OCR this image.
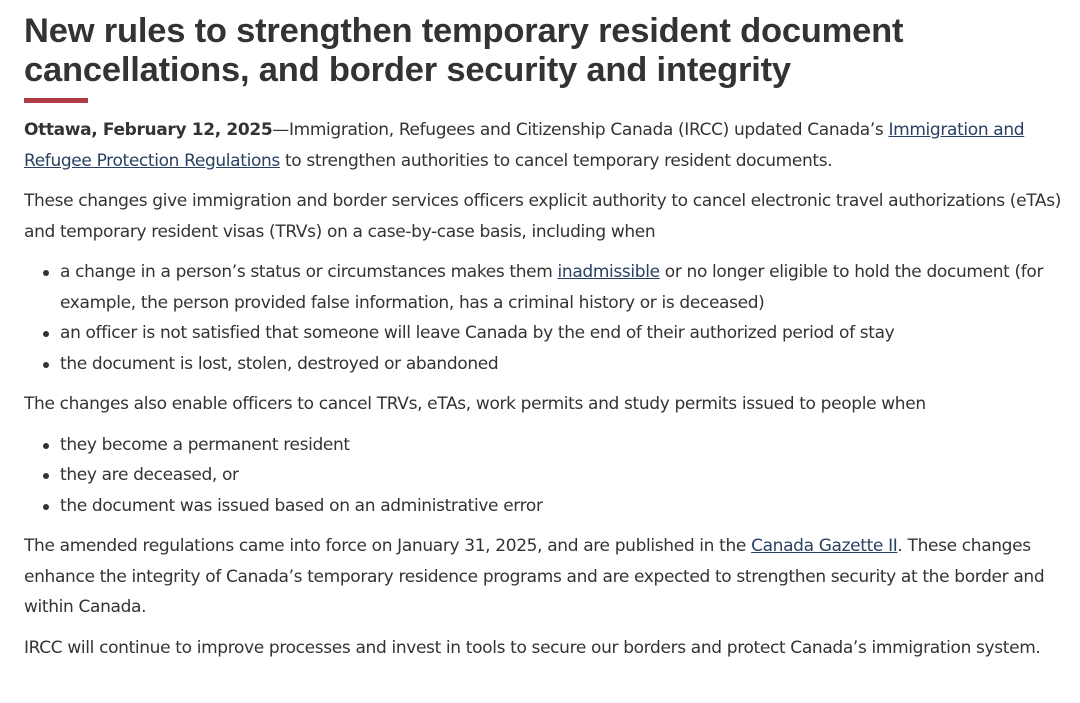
New rules to strengthen temporary resident document
cancellations, and border security and integrity

Ottawa, February 12, 2025—Immigration, Refugees and Citizenship Canada (IRCC) updated Canada’s Immigration and Refugee Protection Regulations to strengthen authorities to cancel temporary resident documents.

These changes give immigration and border services officers explicit authority to cancel electronic travel authorizations (eTAs) and temporary resident visas (TRVs) on a case-by-case basis, including when

a change in a person’s status or circumstances makes them inadmissible or no longer eligible to hold the document (for example, the person provided false information, has a criminal history or is deceased)
an officer is not satisfied that someone will leave Canada by the end of their authorized period of stay
the document is lost, stolen, destroyed or abandoned

The changes also enable officers to cancel TRVs, eTAs, work permits and study permits issued to people when

they become a permanent resident
they are deceased, or
the document was issued based on an administrative error

The amended regulations came into force on January 31, 2025, and are published in the Canada Gazette II. These changes enhance the integrity of Canada’s temporary residence programs and are expected to strengthen security at the border and within Canada.

IRCC will continue to improve processes and invest in tools to secure our borders and protect Canada’s immigration system.
